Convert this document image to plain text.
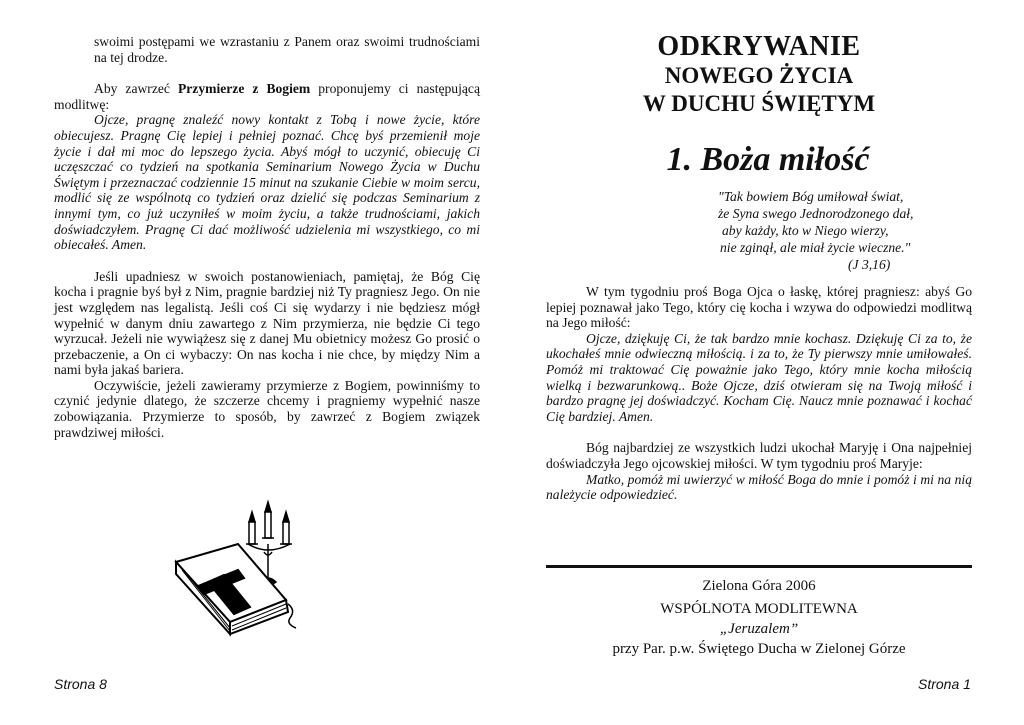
swoimi postępami we wzrastaniu z Panem oraz swoimi trudnościami na tej drodze.

Aby zawrzeć Przymierze z Bogiem proponujemy ci następującą modlitwę:

Ojcze, pragnę znaleźć nowy kontakt z Tobą i nowe życie, które obiecujesz. Pragnę Cię lepiej i pełniej poznać. Chcę byś przemienił moje życie i dał mi moc do lepszego życia. Abyś mógł to uczynić, obiecuję Ci uczęszczać co tydzień na spotkania Seminarium Nowego Życia w Duchu Świętym i przeznaczać codziennie 15 minut na szukanie Ciebie w moim sercu, modlić się ze wspólnotą co tydzień oraz dzielić się podczas Seminarium z innymi tym, co już uczyniłeś w moim życiu, a także trudnościami, jakich doświadczyłem. Pragnę Ci dać możliwość udzielenia mi wszystkiego, co mi obiecałeś. Amen.

Jeśli upadniesz w swoich postanowieniach, pamiętaj, że Bóg Cię kocha i pragnie byś był z Nim, pragnie bardziej niż Ty pragniesz Jego. On nie jest względem nas legalistą. Jeśli coś Ci się wydarzy i nie będziesz mógł wypełnić w danym dniu zawartego z Nim przymierza, nie będzie Ci tego wyrzucał. Jeżeli nie wywiążesz się z danej Mu obietnicy możesz Go prosić o przebaczenie, a On ci wybaczy: On nas kocha i nie chce, by między Nim a nami była jakaś bariera.

Oczywiście, jeżeli zawieramy przymierze z Bogiem, powinniśmy to czynić jedynie dlatego, że szczerze chcemy i pragniemy wypełnić nasze zobowiązania. Przymierze to sposób, by zawrzeć z Bogiem związek prawdziwej miłości.

Strona 8
ODKRYWANIE
NOWEGO ŻYCIA
W DUCHU ŚWIĘTYM
1. Boża miłość
"Tak bowiem Bóg umiłował świat,
że Syna swego Jednorodzonego dał,
aby każdy, kto w Niego wierzy,
nie zginął, ale miał życie wieczne."
(J 3,16)

W tym tygodniu proś Boga Ojca o łaskę, której pragniesz: abyś Go lepiej poznawał jako Tego, który cię kocha i wzywa do odpowiedzi modlitwą na Jego miłość:

Ojcze, dziękuję Ci, że tak bardzo mnie kochasz. Dziękuję Ci za to, że ukochałeś mnie odwieczną miłością. i za to, że Ty pierwszy mnie umiłowałeś. Pomóż mi traktować Cię poważnie jako Tego, który mnie kocha miłością wielką i bezwarunkową.. Boże Ojcze, dziś otwieram się na Twoją miłość i bardzo pragnę jej doświadczyć. Kocham Cię. Naucz mnie poznawać i kochać Cię bardziej. Amen.

Bóg najbardziej ze wszystkich ludzi ukochał Maryję i Ona najpełniej doświadczyła Jego ojcowskiej miłości. W tym tygodniu proś Maryje:

Matko, pomóż mi uwierzyć w miłość Boga do mnie i pomóż i mi na nią należycie odpowiedzieć.

Zielona Góra 2006
WSPÓLNOTA MODLITEWNA
„Jeruzalem”
przy Par. p.w. Świętego Ducha w Zielonej Górze
Strona 1
